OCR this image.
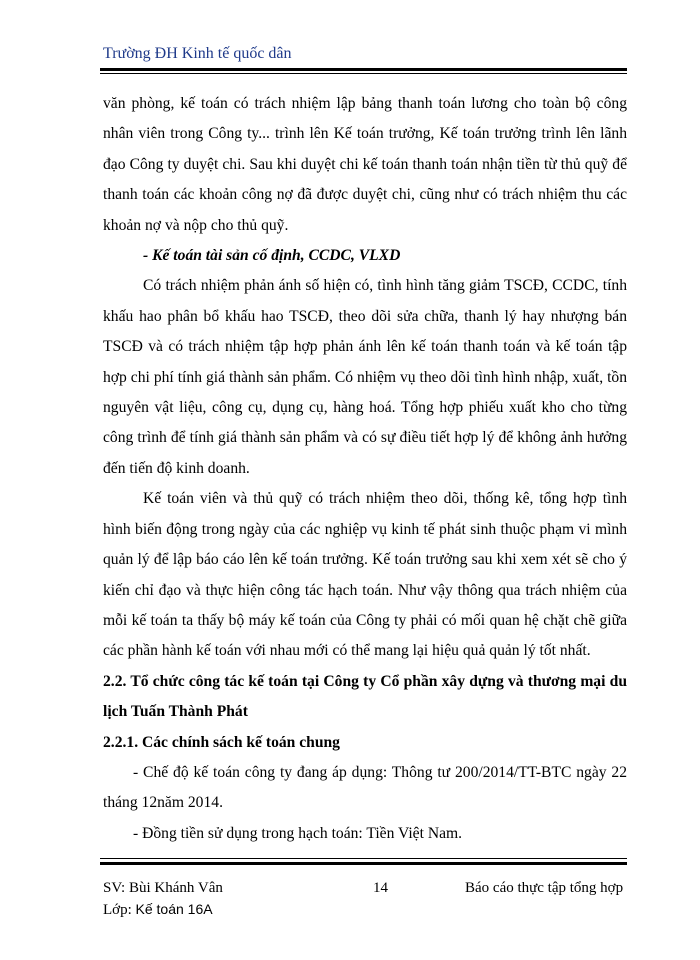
Trường ĐH Kinh tế quốc dân

văn phòng, kế toán có trách nhiệm lập bảng thanh toán lương cho toàn bộ công nhân viên trong Công ty... trình lên Kế toán trưởng, Kế toán trưởng trình lên lãnh đạo Công ty duyệt chi. Sau khi duyệt chi kế toán thanh toán nhận tiền từ thủ quỹ để thanh toán các khoản công nợ đã được duyệt chi, cũng như có trách nhiệm thu các khoản nợ và nộp cho thủ quỹ.

- Kế toán tài sản cố định, CCDC, VLXD

Có trách nhiệm phản ánh số hiện có, tình hình tăng giảm TSCĐ, CCDC, tính khấu hao phân bổ khấu hao TSCĐ, theo dõi sửa chữa, thanh lý hay nhượng bán TSCĐ và có trách nhiệm tập hợp phản ánh lên kế toán thanh toán và kế toán tập hợp chi phí tính giá thành sản phẩm. Có nhiệm vụ theo dõi tình hình nhập, xuất, tồn nguyên vật liệu, công cụ, dụng cụ, hàng hoá. Tổng hợp phiếu xuất kho cho từng công trình để tính giá thành sản phẩm và có sự điều tiết hợp lý để không ảnh hưởng đến tiến độ kinh doanh.

Kế toán viên và thủ quỹ có trách nhiệm theo dõi, thống kê, tổng hợp tình hình biến động trong ngày của các nghiệp vụ kinh tế phát sinh thuộc phạm vi mình quản lý để lập báo cáo lên kế toán trưởng. Kế toán trưởng sau khi xem xét sẽ cho ý kiến chỉ đạo và thực hiện công tác hạch toán. Như vậy thông qua trách nhiệm của mỗi kế toán ta thấy bộ máy kế toán của Công ty phải có mối quan hệ chặt chẽ giữa các phần hành kế toán với nhau mới có thể mang lại hiệu quả quản lý tốt nhất.

2.2. Tổ chức công tác kế toán tại Công ty Cổ phần xây dựng và thương mại du lịch Tuấn Thành Phát

2.2.1. Các chính sách kế toán chung

- Chế độ kế toán công ty đang áp dụng: Thông tư 200/2014/TT-BTC ngày 22 tháng 12năm 2014.

- Đồng tiền sử dụng trong hạch toán: Tiền Việt Nam.

SV: Bùi Khánh Vân	14	Báo cáo thực tập tổng hợp
Lớp: Kế toán 16A
